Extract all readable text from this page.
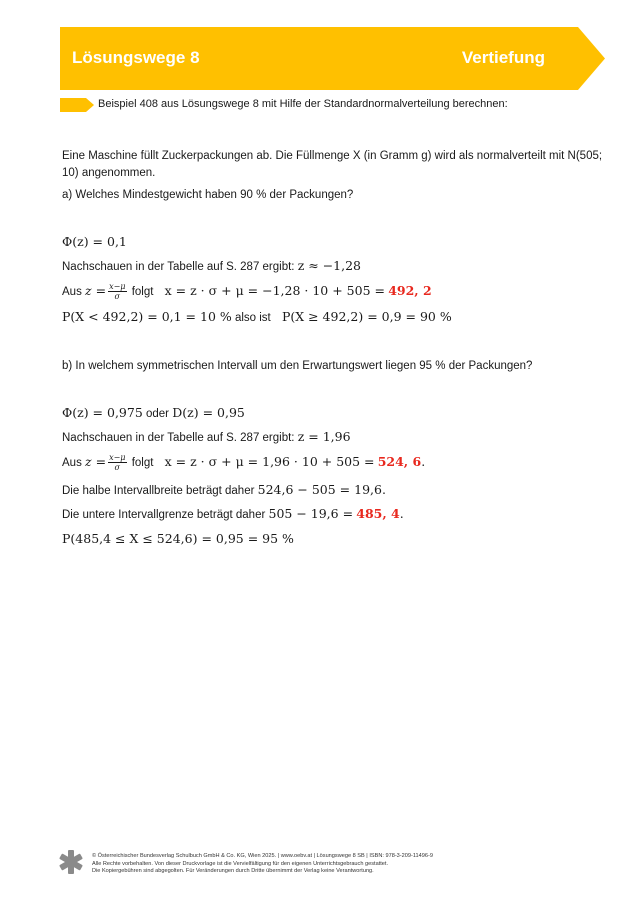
Lösungswege 8	Vertiefung
Beispiel 408 aus Lösungswege 8 mit Hilfe der Standardnormalverteilung berechnen:
Eine Maschine füllt Zuckerpackungen ab. Die Füllmenge X (in Gramm g) wird als normalverteilt mit N(505;
10) angenommen.
a) Welches Mindestgewicht haben 90 % der Packungen?
Φ(z) = 0,1
Nachschauen in der Tabelle auf S. 287 ergibt: z ≈ −1,28
Aus $z = \frac{x-\mu}{\sigma}$ folgt x = z · σ + μ = −1,28 · 10 + 505 = 492, 2
P(X < 492,2) = 0,1 = 10 % also ist P(X ≥ 492,2) = 0,9 = 90 %
b) In welchem symmetrischen Intervall um den Erwartungswert liegen 95 % der Packungen?
Φ(z) = 0,975 oder D(z) = 0,95
Nachschauen in der Tabelle auf S. 287 ergibt: z = 1,96
Aus $z = \frac{x-\mu}{\sigma}$ folgt x = z · σ + μ = 1,96 · 10 + 505 = 524, 6.
Die halbe Intervallbreite beträgt daher 524,6 − 505 = 19,6.
Die untere Intervallgrenze beträgt daher 505 − 19,6 = 485, 4.
P(485,4 ≤ X ≤ 524,6) = 0,95 = 95 %
© Österreichischer Bundesverlag Schulbuch GmbH & Co. KG, Wien 2025. | www.oebv.at | Lösungswege 8 SB | ISBN: 978-3-209-11496-9
Alle Rechte vorbehalten. Von dieser Druckvorlage ist die Vervielfältigung für den eigenen Unterrichtsgebrauch gestattet.
Die Kopiergebühren sind abgegolten. Für Veränderungen durch Dritte übernimmt der Verlag keine Verantwortung.
